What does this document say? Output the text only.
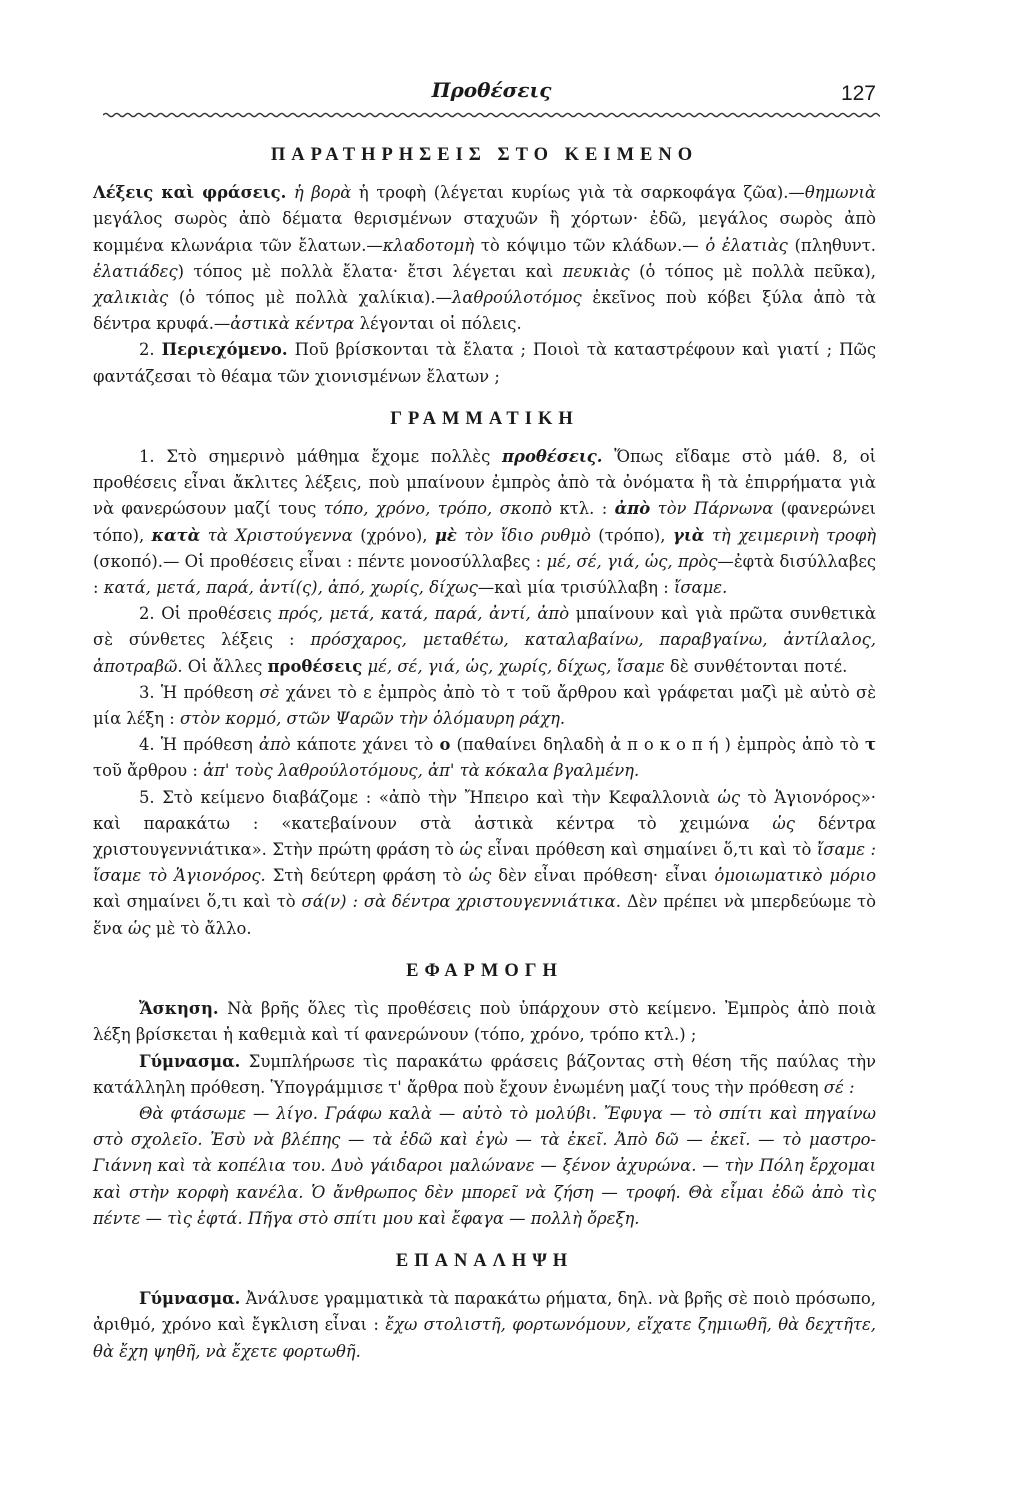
Προθέσεις	127
ΠΑΡΑΤΗΡΗΣΕΙΣ ΣΤΟ ΚΕΙΜΕΝΟ

Λέξεις καὶ φράσεις. ἡ βορὰ ἡ τροφὴ (λέγεται κυρίως γιὰ τὰ σαρκοφάγα ζῶα).—θημωνιὰ μεγάλος σωρὸς ἀπὸ δέματα θερισμένων σταχυῶν ἢ χόρτων· ἐδῶ, μεγάλος σωρὸς ἀπὸ κομμένα κλωνάρια τῶν ἔλατων.—κλαδοτομὴ τὸ κόψιμο τῶν κλάδων.— ὁ ἐλατιὰς (πληθυντ. ἐλατιάδες) τόπος μὲ πολλὰ ἔλατα· ἔτσι λέγεται καὶ πευκιὰς (ὁ τόπος μὲ πολλὰ πεῦκα), χαλικιὰς (ὁ τόπος μὲ πολλὰ χαλίκια).—λαθρούλοτόμος ἐκεῖνος ποὺ κόβει ξύλα ἀπὸ τὰ δέντρα κρυφά.—ἀστικὰ κέντρα λέγονται οἱ πόλεις.

2. Περιεχόμενο. Ποῦ βρίσκονται τὰ ἔλατα ; Ποιοὶ τὰ καταστρέφουν καὶ γιατί ; Πῶς φαντάζεσαι τὸ θέαμα τῶν χιονισμένων ἔλατων ;

ΓΡΑΜΜΑΤΙΚΗ

1. Στὸ σημερινὸ μάθημα ἔχομε πολλὲς προθέσεις. Ὅπως εἴδαμε στὸ μάθ. 8, οἱ προθέσεις εἶναι ἄκλιτες λέξεις, ποὺ μπαίνουν ἐμπρὸς ἀπὸ τὰ ὀνόματα ἢ τὰ ἐπιρρήματα γιὰ νὰ φανερώσουν μαζί τους τόπο, χρόνο, τρόπο, σκοπὸ κτλ. : ἀπὸ τὸν Πάρνωνα (φανερώνει τόπο), κατὰ τὰ Χριστούγεννα (χρόνο), μὲ τὸν ἴδιο ρυθμὸ (τρόπο), γιὰ τὴ χειμερινὴ τροφὴ (σκοπό).— Οἱ προθέσεις εἶναι : πέντε μονοσύλλαβες : μέ, σέ, γιά, ὡς, πρὸς—ἐφτὰ δισύλλαβες : κατά, μετά, παρά, ἀντί(ς), ἀπό, χωρίς, δίχως—καὶ μία τρισύλλαβη : ἴσαμε.

2. Οἱ προθέσεις πρός, μετά, κατά, παρά, ἀντί, ἀπὸ μπαίνουν καὶ γιὰ πρῶτα συνθετικὰ σὲ σύνθετες λέξεις : πρόσχαρος, μεταθέτω, καταλαβαίνω, παραβγαίνω, ἀντίλαλος, ἀποτραβῶ. Οἱ ἄλλες προθέσεις μέ, σέ, γιά, ὡς, χωρίς, δίχως, ἴσαμε δὲ συνθέτονται ποτέ.

3. Ἡ πρόθεση σὲ χάνει τὸ ε ἐμπρὸς ἀπὸ τὸ τ τοῦ ἄρθρου καὶ γράφεται μαζὶ μὲ αὐτὸ σὲ μία λέξη : στὸν κορμό, στῶν Ψαρῶν τὴν ὁλόμαυρη ράχη.

4. Ἡ πρόθεση ἀπὸ κάποτε χάνει τὸ ο (παθαίνει δηλαδὴ ἀποκοπή) ἐμπρὸς ἀπὸ τὸ τ τοῦ ἄρθρου : ἀπ' τοὺς λαθρούλοτόμους, ἀπ' τὰ κόκαλα βγαλμένη.

5. Στὸ κείμενο διαβάζομε : «ἀπὸ τὴν Ἤπειρο καὶ τὴν Κεφαλλονιὰ ὡς τὸ Ἁγιονόρος»· καὶ παρακάτω : «κατεβαίνουν στὰ ἀστικὰ κέντρα τὸ χειμώνα ὡς δέντρα χριστουγεννιάτικα». Στὴν πρώτη φράση τὸ ὡς εἶναι πρόθεση καὶ σημαίνει ὅ,τι καὶ τὸ ἴσαμε : ἴσαμε τὸ Ἁγιονόρος. Στὴ δεύτερη φράση τὸ ὡς δὲν εἶναι πρόθεση· εἶναι ὁμοιωματικὸ μόριο καὶ σημαίνει ὅ,τι καὶ τὸ σά(ν) : σὰ δέντρα χριστουγεννιάτικα. Δὲν πρέπει νὰ μπερδεύωμε τὸ ἕνα ὡς μὲ τὸ ἄλλο.

ΕΦΑΡΜΟΓΗ

Ἄσκηση. Νὰ βρῆς ὅλες τὶς προθέσεις ποὺ ὑπάρχουν στὸ κείμενο. Ἐμπρὸς ἀπὸ ποιὰ λέξη βρίσκεται ἡ καθεμιὰ καὶ τί φανερώνουν (τόπο, χρόνο, τρόπο κτλ.) ;

Γύμνασμα. Συμπλήρωσε τὶς παρακάτω φράσεις βάζοντας στὴ θέση τῆς παύλας τὴν κατάλληλη πρόθεση. Ὑπογράμμισε τ' ἄρθρα ποὺ ἔχουν ἐνωμένη μαζί τους τὴν πρόθεση σέ :

Θὰ φτάσωμε — λίγο. Γράφω καλὰ — αὐτὸ τὸ μολύβι. Ἔφυγα — τὸ σπίτι καὶ πηγαίνω στὸ σχολεῖο. Ἐσὺ νὰ βλέπης — τὰ ἐδῶ καὶ ἐγὼ — τὰ ἐκεῖ. Ἀπὸ δῶ — ἐκεῖ. — τὸ μαστρο-Γιάννη καὶ τὰ κοπέλια του. Δυὸ γάιδαροι μαλώνανε — ξένον ἀχυρώνα. — τὴν Πόλη ἔρχομαι καὶ στὴν κορφὴ κανέλα. Ὁ ἄνθρωπος δὲν μπορεῖ νὰ ζήση — τροφή. Θὰ εἶμαι ἐδῶ ἀπὸ τὶς πέντε — τὶς ἑφτά. Πῆγα στὸ σπίτι μου καὶ ἔφαγα — πολλὴ ὄρεξη.

ΕΠΑΝΑΛΗΨΗ

Γύμνασμα. Ἀνάλυσε γραμματικὰ τὰ παρακάτω ρήματα, δηλ. νὰ βρῆς σὲ ποιὸ πρόσωπο, ἀριθμό, χρόνο καὶ ἔγκλιση εἶναι : ἔχω στολιστῆ, φορτωνόμουν, εἴχατε ζημιωθῆ, θὰ δεχτῆτε, θὰ ἔχη ψηθῆ, νὰ ἔχετε φορτωθῆ.
